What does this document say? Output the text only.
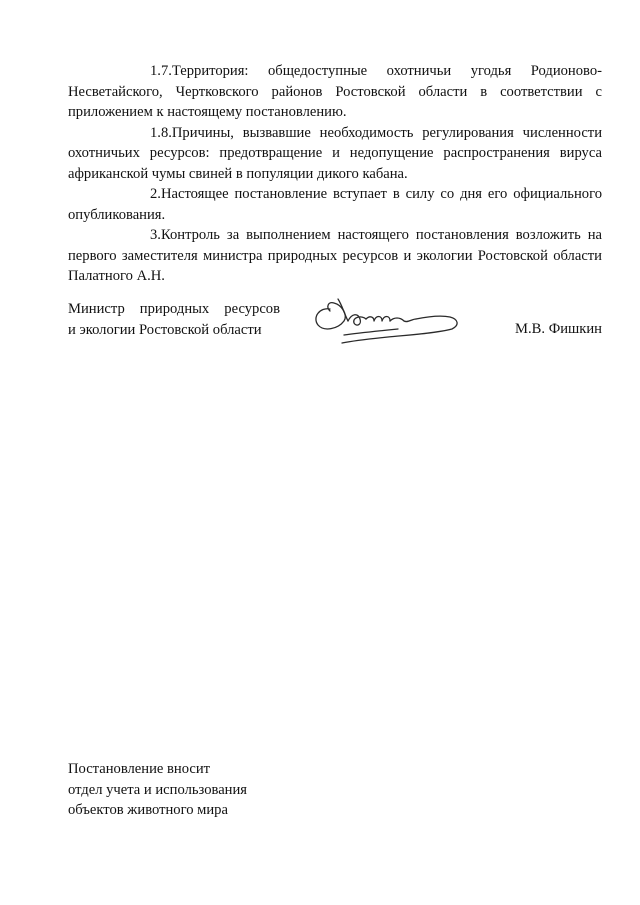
1.7.Территория: общедоступные охотничьи угодья Родионово-Несветайского, Чертковского районов Ростовской области в соответствии с приложением к настоящему постановлению.

1.8.Причины, вызвавшие необходимость регулирования численности охотничьих ресурсов: предотвращение и недопущение распространения вируса африканской чумы свиней в популяции дикого кабана.

2.Настоящее постановление вступает в силу со дня его официального опубликования.

3.Контроль за выполнением настоящего постановления возложить на первого заместителя министра природных ресурсов и экологии Ростовской области Палатного А.Н.

Министр природных ресурсов
и экологии Ростовской области	М.В. Фишкин
Постановление вносит
отдел учета и использования
объектов животного мира
